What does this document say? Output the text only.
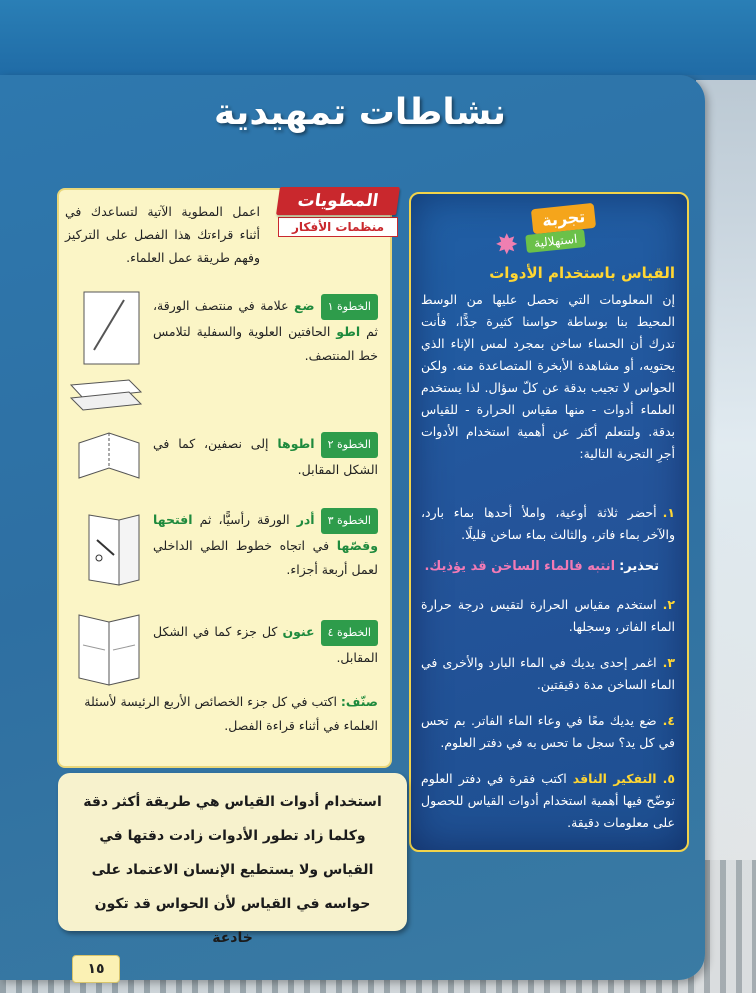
نشاطات تمهيدية
المطويات
منظمات الأفكار
اعمل المطوية الآتية لتساعدك في أثناء قراءتك هذا الفصل على التركيز وفهم طريقة عمل العلماء.
الخطوة ١ضع علامة في منتصف الورقة، ثم اطو الحافتين العلوية والسفلية لتلامس خط المنتصف.
الخطوة ٢اطوها إلى نصفين، كما في الشكل المقابل.
الخطوة ٣أدر الورقة رأسيًّا، ثم افتحها وقصّها في اتجاه خطوط الطي الداخلي لعمل أربعة أجزاء.
الخطوة ٤عنون كل جزء كما في الشكل المقابل.
صنّف:اكتب في كل جزء الخصائص الأربع الرئيسة لأسئلة العلماء في أثناء قراءة الفصل.
✸
تجربة
استهلالية
القياس باستخدام الأدوات
إن المعلومات التي نحصل عليها من الوسط المحيط بنا بوساطة حواسنا كثيرة جدًّا، فأنت تدرك أن الحساء ساخن بمجرد لمس الإناء الذي يحتويه، أو مشاهدة الأبخرة المتصاعدة منه. ولكن الحواس لا تجيب بدقة عن كلّ سؤال. لذا يستخدم العلماء أدوات - منها مقياس الحرارة - للقياس بدقة. ولتتعلم أكثر عن أهمية استخدام الأدوات أجرِ التجربة التالية:
١.أحضر ثلاثة أوعية، واملأ أحدها بماء بارد، والآخر بماء فاتر، والثالث بماء ساخن قليلًا.
تحذير:انتبه فالماء الساخن قد يؤذيك.
٢.استخدم مقياس الحرارة لتقيس درجة حرارة الماء الفاتر، وسجلها.
٣.اغمر إحدى يديك في الماء البارد والأخرى في الماء الساخن مدة دقيقتين.
٤.ضع يديك معًا في وعاء الماء الفاتر. بم تحس في كل يد؟ سجل ما تحس به في دفتر العلوم.
٥.التفكير الناقد اكتب فقرة في دفتر العلوم توضّح فيها أهمية استخدام أدوات القياس للحصول على معلومات دقيقة.
استخدام أدوات القياس هي طريقة أكثر دقة وكلما زاد تطور الأدوات زادت دقتها في القياس ولا يستطيع الإنسان الاعتماد على حواسه في القياس لأن الحواس قد تكون خادعة
١٥
